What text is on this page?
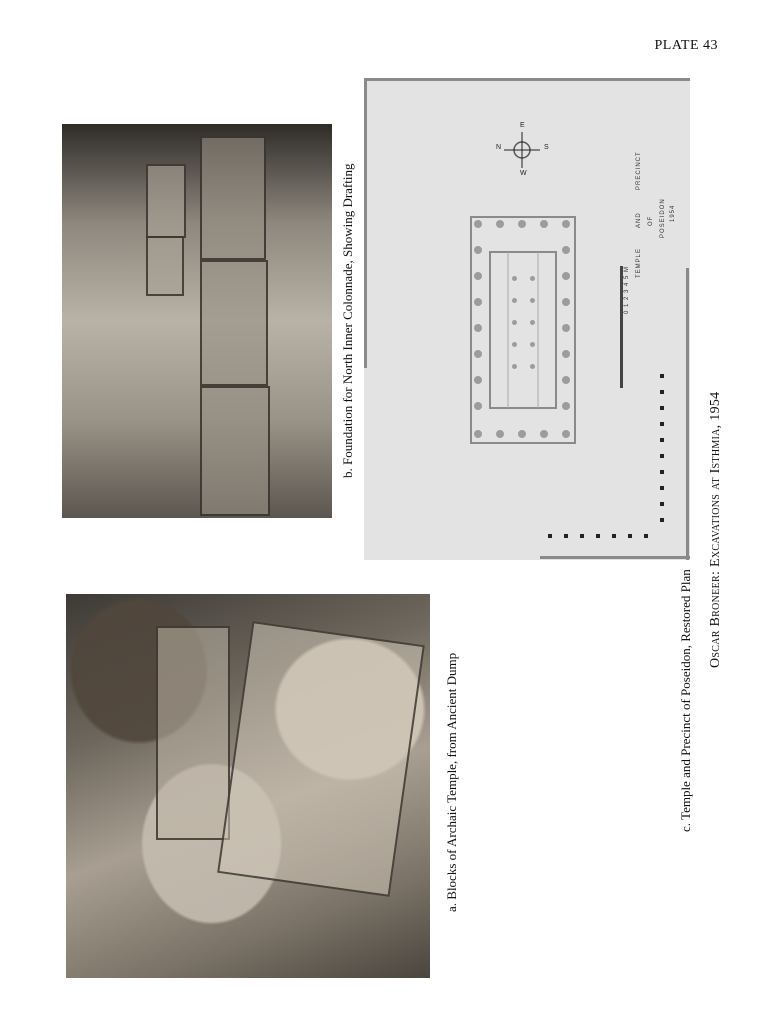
PLATE 43
a. Blocks of Archaic Temple, from Ancient Dump
b. Foundation for North Inner Colonnade, Showing Drafting	0 1 2 3 4 5 M
N
E
S
W
TEMPLE
AND
PRECINCT
OF POSEIDON 1954
c. Temple and Precinct of Poseidon, Restored Plan Oscar Broneer: Excavations at Isthmia, 1954
